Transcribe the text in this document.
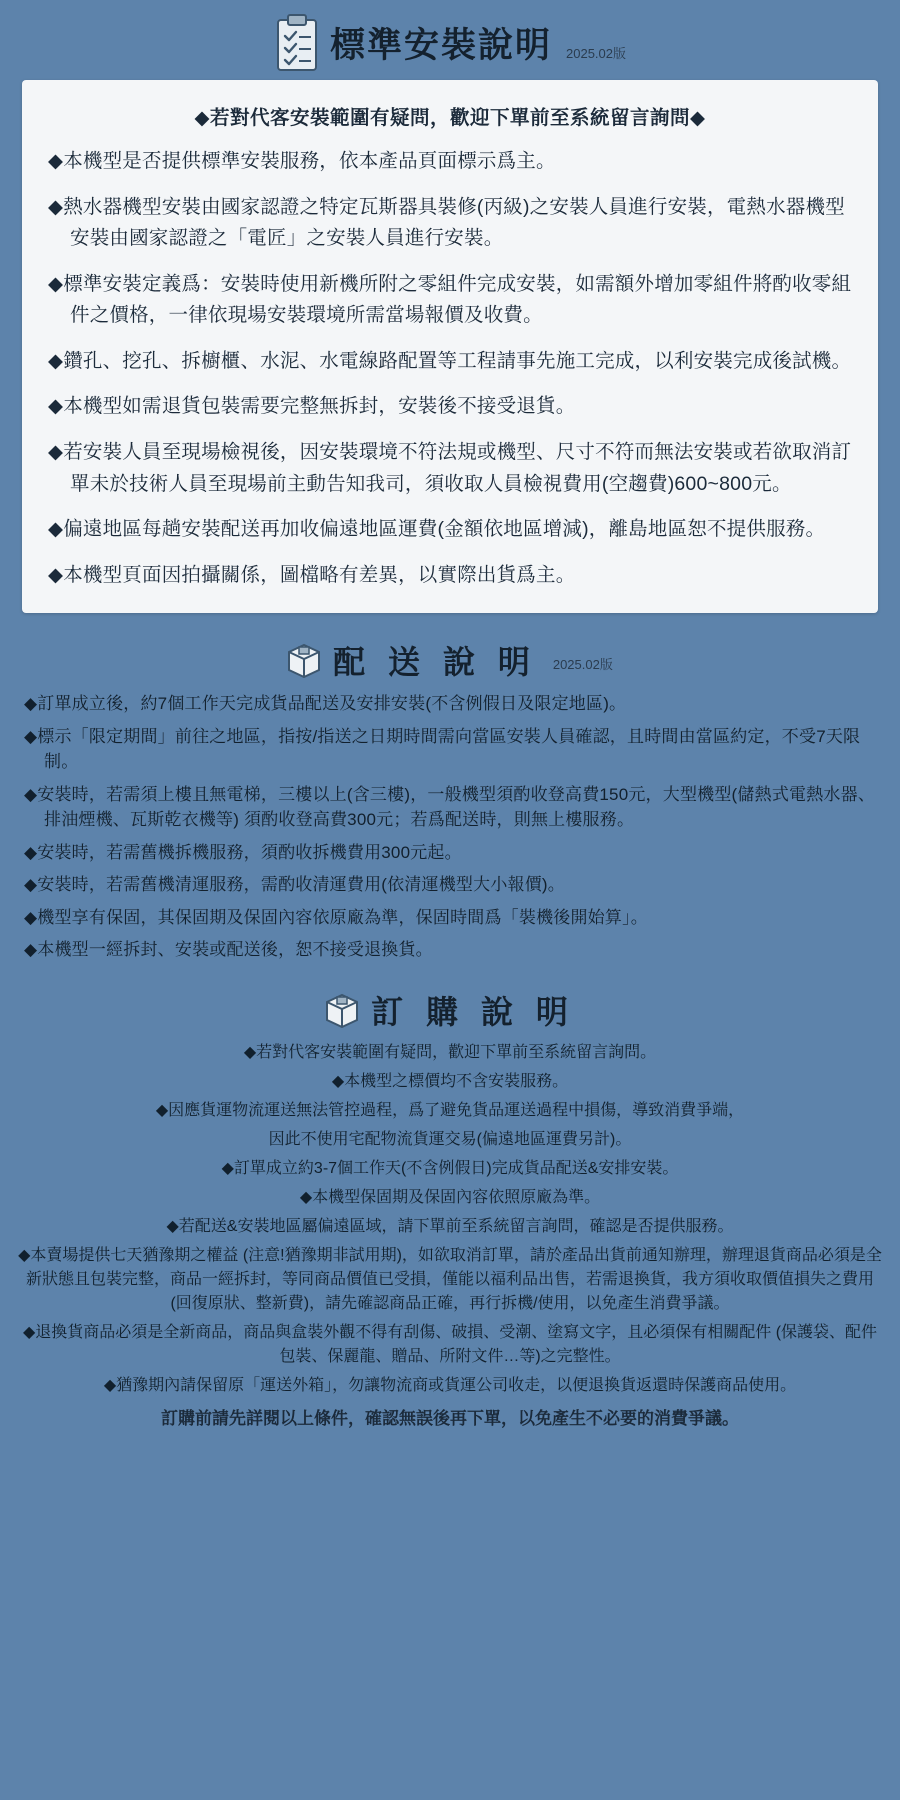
標準安裝說明 2025.02版
◆若對代客安裝範圍有疑問，歡迎下單前至系統留言詢問◆

◆本機型是否提供標準安裝服務，依本產品頁面標示爲主。

◆熱水器機型安裝由國家認證之特定瓦斯器具裝修(丙級)之安裝人員進行安裝，電熱水器機型安裝由國家認證之「電匠」之安裝人員進行安裝。

◆標準安裝定義爲：安裝時使用新機所附之零組件完成安裝，如需額外增加零組件將酌收零組件之價格，一律依現場安裝環境所需當場報價及收費。

◆鑽孔、挖孔、拆櫥櫃、水泥、水電線路配置等工程請事先施工完成，以利安裝完成後試機。

◆本機型如需退貨包裝需要完整無拆封，安裝後不接受退貨。

◆若安裝人員至現場檢視後，因安裝環境不符法規或機型、尺寸不符而無法安裝或若欲取消訂單未於技術人員至現場前主動告知我司，須收取人員檢視費用(空趨費)600~800元。

◆偏遠地區每趟安裝配送再加收偏遠地區運費(金額依地區增減)，離島地區恕不提供服務。

◆本機型頁面因拍攝關係，圖檔略有差異，以實際出貨爲主。

配 送 說 明 2025.02版

◆訂單成立後，約7個工作天完成貨品配送及安排安裝(不含例假日及限定地區)。

◆標示「限定期間」前往之地區，指按/指送之日期時間需向當區安裝人員確認，且時間由當區約定，不受7天限制。

◆安裝時，若需須上樓且無電梯，三樓以上(含三樓)，一般機型須酌收登高費150元，大型機型(儲熱式電熱水器、排油煙機、瓦斯乾衣機等) 須酌收登高費300元；若爲配送時，則無上樓服務。

◆安裝時，若需舊機拆機服務，須酌收拆機費用300元起。

◆安裝時，若需舊機清運服務，需酌收清運費用(依清運機型大小報價)。

◆機型享有保固，其保固期及保固內容依原廠為準，保固時間爲「裝機後開始算」。

◆本機型一經拆封、安裝或配送後，恕不接受退換貨。

訂 購 說 明

◆若對代客安裝範圍有疑問，歡迎下單前至系統留言詢問。

◆本機型之標價均不含安裝服務。

◆因應貨運物流運送無法管控過程，爲了避免貨品運送過程中損傷，導致消費爭端，

因此不使用宅配物流貨運交易(偏遠地區運費另計)。

◆訂單成立約3-7個工作天(不含例假日)完成貨品配送&安排安裝。

◆本機型保固期及保固內容依照原廠為準。

◆若配送&安裝地區屬偏遠區域，請下單前至系統留言詢問，確認是否提供服務。

◆本賣場提供七天猶豫期之權益 (注意!猶豫期非試用期)，如欲取消訂單，請於產品出貨前通知辦理，辦理退貨商品必須是全新狀態且包裝完整，商品一經拆封，等同商品價值已受損，僅能以福利品出售，若需退換貨，我方須收取價值損失之費用(回復原狀、整新費)，請先確認商品正確，再行拆機/使用，以免產生消費爭議。

◆退換貨商品必須是全新商品，商品與盒裝外觀不得有刮傷、破損、受潮、塗寫文字，且必須保有相關配件 (保護袋、配件包裝、保麗龍、贈品、所附文件…等)之完整性。

◆猶豫期內請保留原「運送外箱」，勿讓物流商或貨運公司收走，以便退換貨返還時保護商品使用。

訂購前請先詳閱以上條件，確認無誤後再下單，以免產生不必要的消費爭議。
